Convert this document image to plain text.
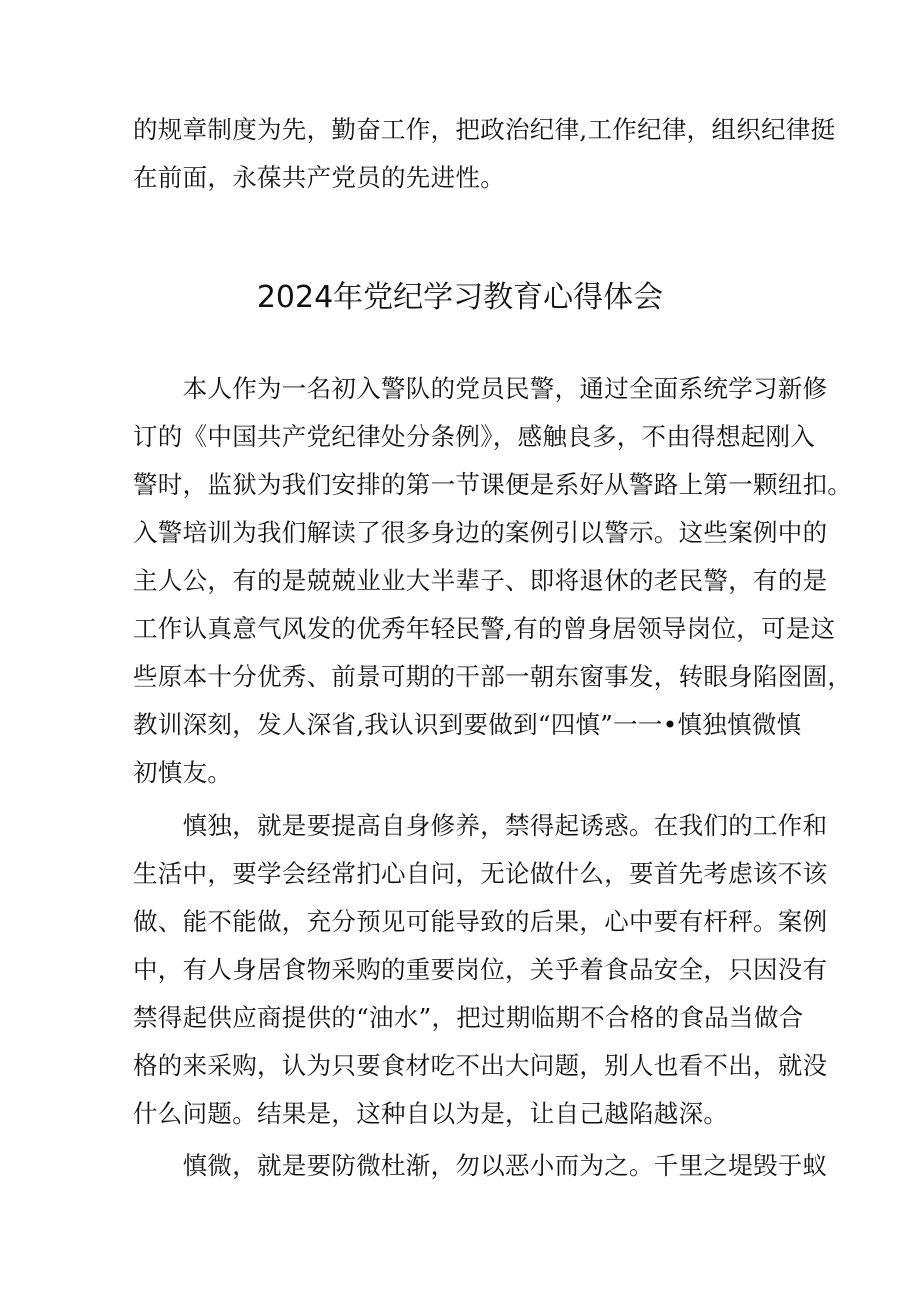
的规章制度为先，勤奋工作，把政治纪律,工作纪律，组织纪律挺
在前面，永葆共产党员的先进性。
2024年党纪学习教育心得体会
　　本人作为一名初入警队的党员民警，通过全面系统学习新修
订的《中国共产党纪律处分条例》，感触良多，不由得想起刚入
警时，监狱为我们安排的第一节课便是系好从警路上第一颗纽扣。
入警培训为我们解读了很多身边的案例引以警示。这些案例中的
主人公，有的是兢兢业业大半辈子、即将退休的老民警，有的是
工作认真意气风发的优秀年轻民警,有的曾身居领导岗位，可是这
些原本十分优秀、前景可期的干部一朝东窗事发，转眼身陷囹圄，
教训深刻，发人深省,我认识到要做到“四慎”一一•慎独慎微慎
初慎友。
　　慎独，就是要提高自身修养，禁得起诱惑。在我们的工作和
生活中，要学会经常扪心自问，无论做什么，要首先考虑该不该
做、能不能做，充分预见可能导致的后果，心中要有杆秤。案例
中，有人身居食物采购的重要岗位，关乎着食品安全，只因没有
禁得起供应商提供的“油水”，把过期临期不合格的食品当做合
格的来采购，认为只要食材吃不出大问题，别人也看不出，就没
什么问题。结果是，这种自以为是，让自己越陷越深。
　　慎微，就是要防微杜渐，勿以恶小而为之。千里之堤毁于蚁
